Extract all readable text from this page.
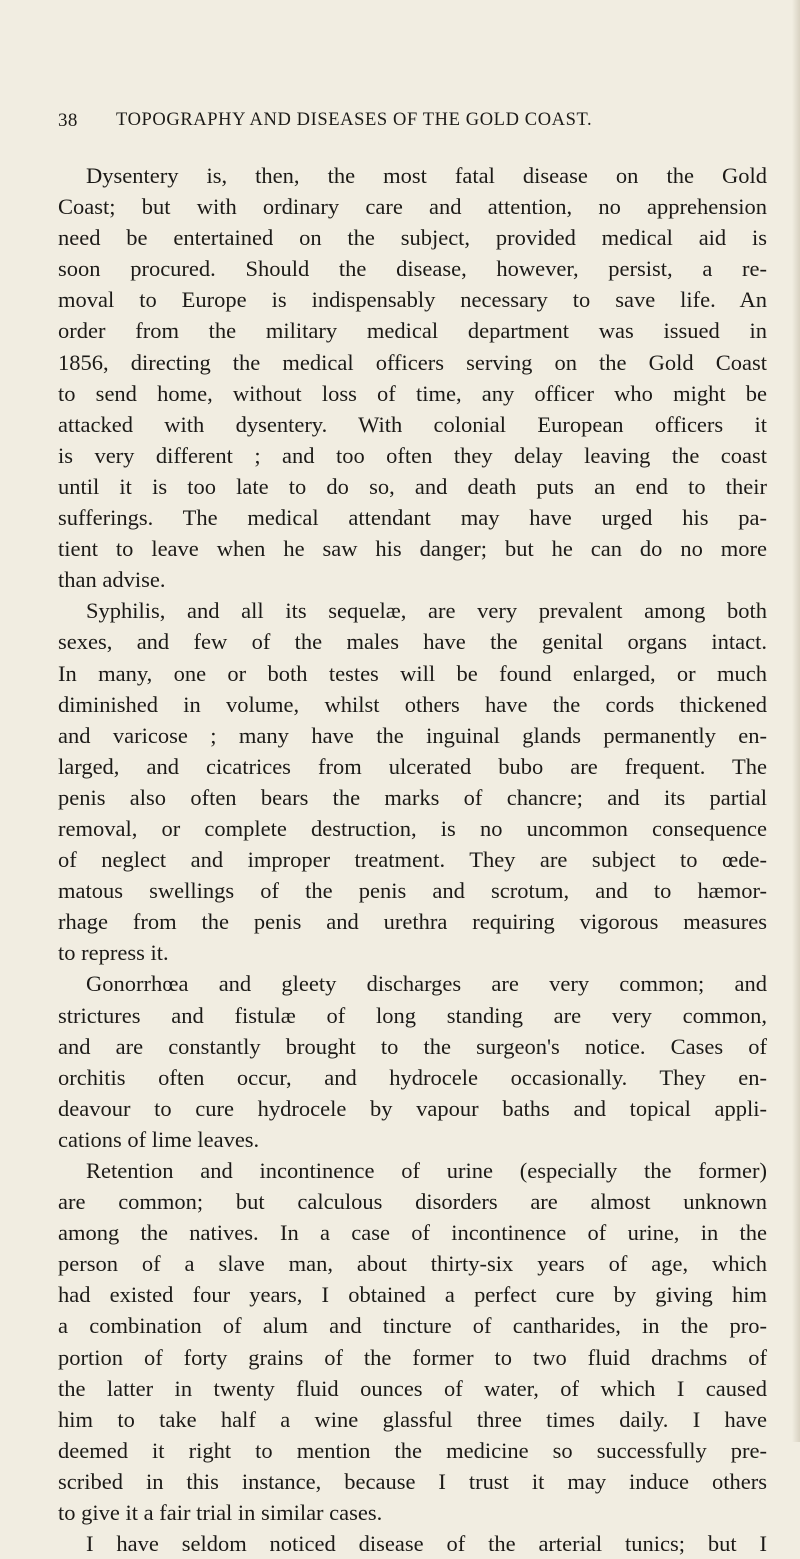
38 TOPOGRAPHY AND DISEASES OF THE GOLD COAST.
Dysentery is, then, the most fatal disease on the Gold
Coast; but with ordinary care and attention, no apprehension
need be entertained on the subject, provided medical aid is
soon procured. Should the disease, however, persist, a re-
moval to Europe is indispensably necessary to save life. An
order from the military medical department was issued in
1856, directing the medical officers serving on the Gold Coast
to send home, without loss of time, any officer who might be
attacked with dysentery. With colonial European officers it
is very different ; and too often they delay leaving the coast
until it is too late to do so, and death puts an end to their
sufferings. The medical attendant may have urged his pa-
tient to leave when he saw his danger; but he can do no more
than advise.
Syphilis, and all its sequelæ, are very prevalent among both
sexes, and few of the males have the genital organs intact.
In many, one or both testes will be found enlarged, or much
diminished in volume, whilst others have the cords thickened
and varicose ; many have the inguinal glands permanently en-
larged, and cicatrices from ulcerated bubo are frequent. The
penis also often bears the marks of chancre; and its partial
removal, or complete destruction, is no uncommon consequence
of neglect and improper treatment. They are subject to œde-
matous swellings of the penis and scrotum, and to hæmor-
rhage from the penis and urethra requiring vigorous measures
to repress it.
Gonorrhœa and gleety discharges are very common; and
strictures and fistulæ of long standing are very common,
and are constantly brought to the surgeon's notice. Cases of
orchitis often occur, and hydrocele occasionally. They en-
deavour to cure hydrocele by vapour baths and topical appli-
cations of lime leaves.
Retention and incontinence of urine (especially the former)
are common; but calculous disorders are almost unknown
among the natives. In a case of incontinence of urine, in the
person of a slave man, about thirty-six years of age, which
had existed four years, I obtained a perfect cure by giving him
a combination of alum and tincture of cantharides, in the pro-
portion of forty grains of the former to two fluid drachms of
the latter in twenty fluid ounces of water, of which I caused
him to take half a wine glassful three times daily. I have
deemed it right to mention the medicine so successfully pre-
scribed in this instance, because I trust it may induce others
to give it a fair trial in similar cases.
I have seldom noticed disease of the arterial tunics; but I
